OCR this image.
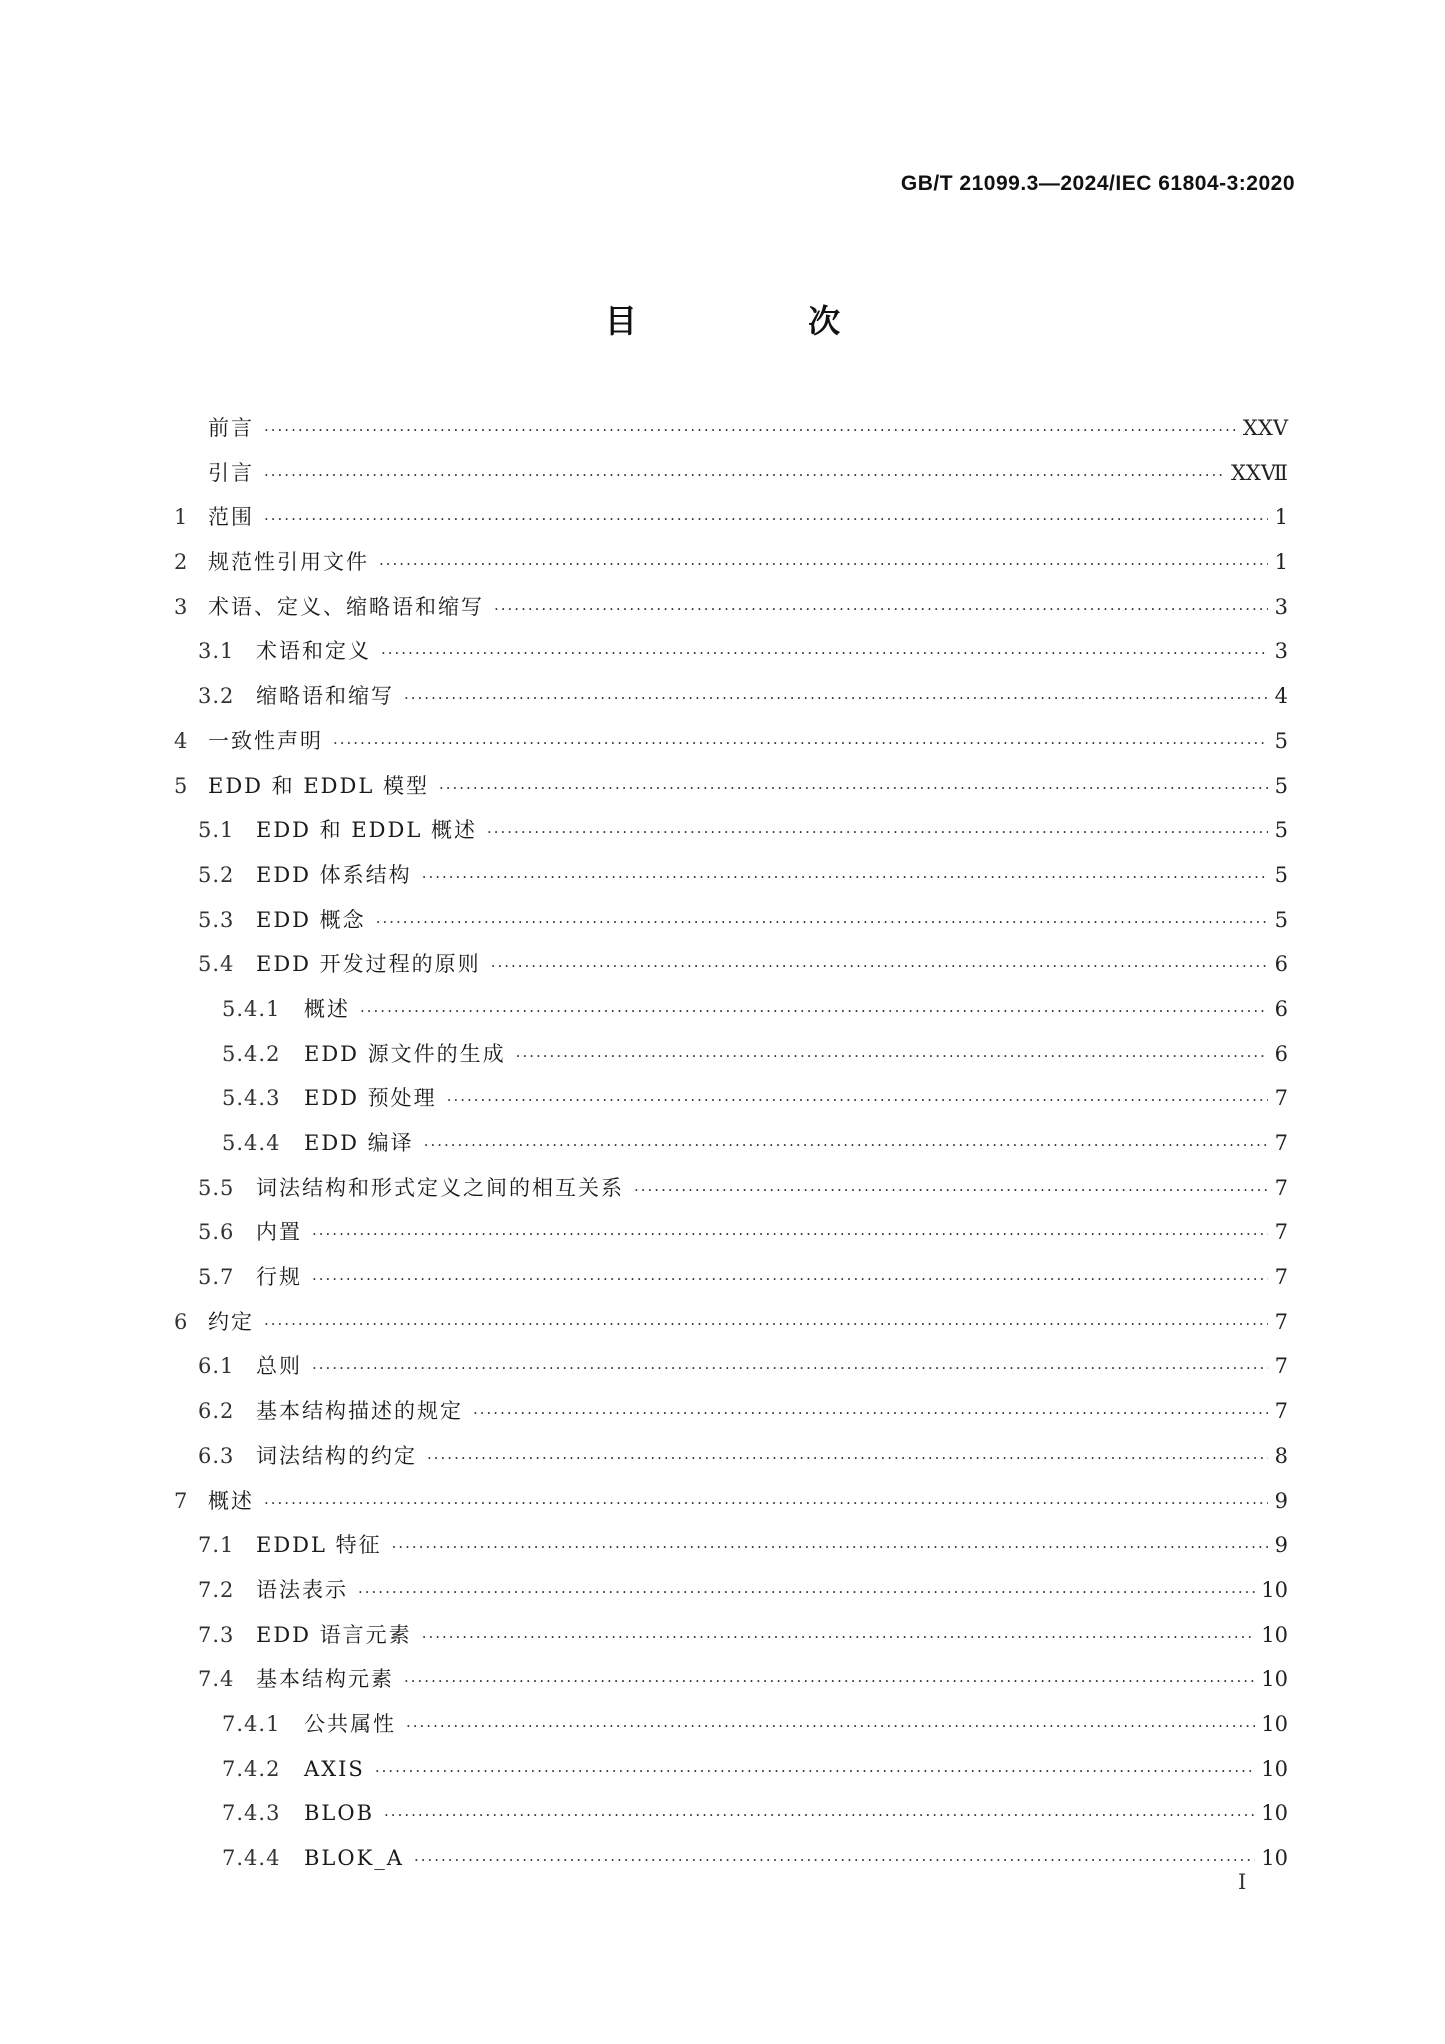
GB/T 21099.3—2024/IEC 61804-3:2020
目 次
前言 ·····	XXV
引言 ·····	XXⅦ
1 范围 ·····	1
2 规范性引用文件 ·····	1
3 术语、定义、缩略语和缩写 ·····	3
3.1	术语和定义 ·····	3
3.2	缩略语和缩写 ·····	4
4 一致性声明 ·····	5
5 EDD 和 EDDL 模型 ·····	5
5.1	EDD 和 EDDL 概述 ·····	5
5.2	EDD 体系结构 ·····	5
5.3	EDD 概念 ·····	5
5.4	EDD 开发过程的原则 ·····	6
5.4.1	概述 ·····	6
5.4.2	EDD 源文件的生成 ·····	6
5.4.3	EDD 预处理 ·····	7
5.4.4	EDD 编译 ·····	7
5.5	词法结构和形式定义之间的相互关系 ·····	7
5.6	内置 ·····	7
5.7	行规 ·····	7
6 约定 ·····	7
6.1	总则 ·····	7
6.2	基本结构描述的规定 ·····	7
6.3	词法结构的约定 ·····	8
7 概述 ·····	9
7.1	EDDL 特征 ·····	9
7.2	语法表示 ·····	10
7.3	EDD 语言元素 ·····	10
7.4	基本结构元素 ·····	10
7.4.1	公共属性 ·····	10
7.4.2	AXIS ·····	10
7.4.3	BLOB ·····	10
7.4.4	BLOK_A ·····	10
I
